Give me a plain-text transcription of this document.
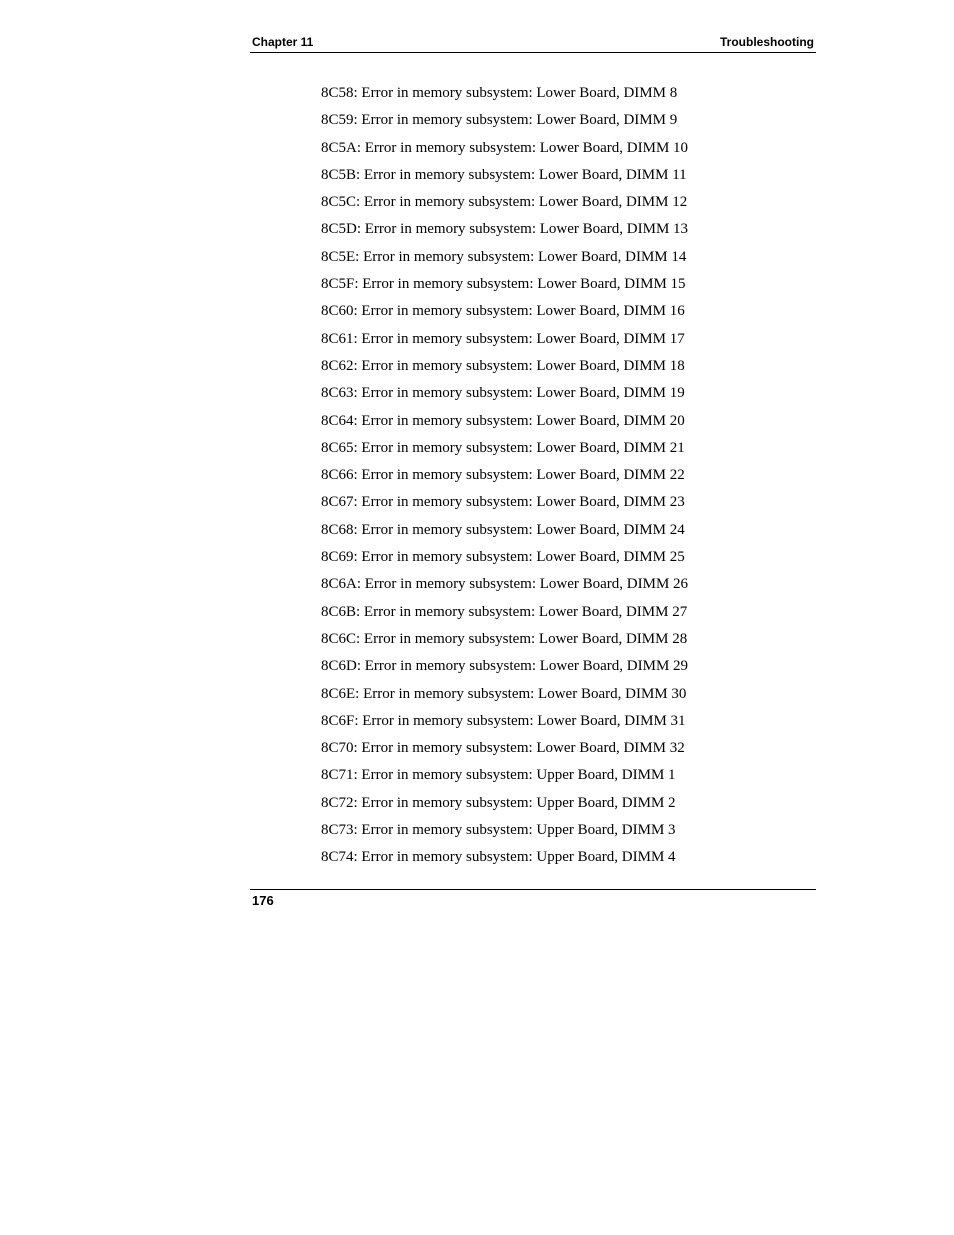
Chapter 11	Troubleshooting
8C58: Error in memory subsystem: Lower Board, DIMM 8
8C59: Error in memory subsystem: Lower Board, DIMM 9
8C5A: Error in memory subsystem: Lower Board, DIMM 10
8C5B: Error in memory subsystem: Lower Board, DIMM 11
8C5C: Error in memory subsystem: Lower Board, DIMM 12
8C5D: Error in memory subsystem: Lower Board, DIMM 13
8C5E: Error in memory subsystem: Lower Board, DIMM 14
8C5F: Error in memory subsystem: Lower Board, DIMM 15
8C60: Error in memory subsystem: Lower Board, DIMM 16
8C61: Error in memory subsystem: Lower Board, DIMM 17
8C62: Error in memory subsystem: Lower Board, DIMM 18
8C63: Error in memory subsystem: Lower Board, DIMM 19
8C64: Error in memory subsystem: Lower Board, DIMM 20
8C65: Error in memory subsystem: Lower Board, DIMM 21
8C66: Error in memory subsystem: Lower Board, DIMM 22
8C67: Error in memory subsystem: Lower Board, DIMM 23
8C68: Error in memory subsystem: Lower Board, DIMM 24
8C69: Error in memory subsystem: Lower Board, DIMM 25
8C6A: Error in memory subsystem: Lower Board, DIMM 26
8C6B: Error in memory subsystem: Lower Board, DIMM 27
8C6C: Error in memory subsystem: Lower Board, DIMM 28
8C6D: Error in memory subsystem: Lower Board, DIMM 29
8C6E: Error in memory subsystem: Lower Board, DIMM 30
8C6F: Error in memory subsystem: Lower Board, DIMM 31
8C70: Error in memory subsystem: Lower Board, DIMM 32
8C71: Error in memory subsystem: Upper Board, DIMM 1
8C72: Error in memory subsystem: Upper Board, DIMM 2
8C73: Error in memory subsystem: Upper Board, DIMM 3
8C74: Error in memory subsystem: Upper Board, DIMM 4
176
